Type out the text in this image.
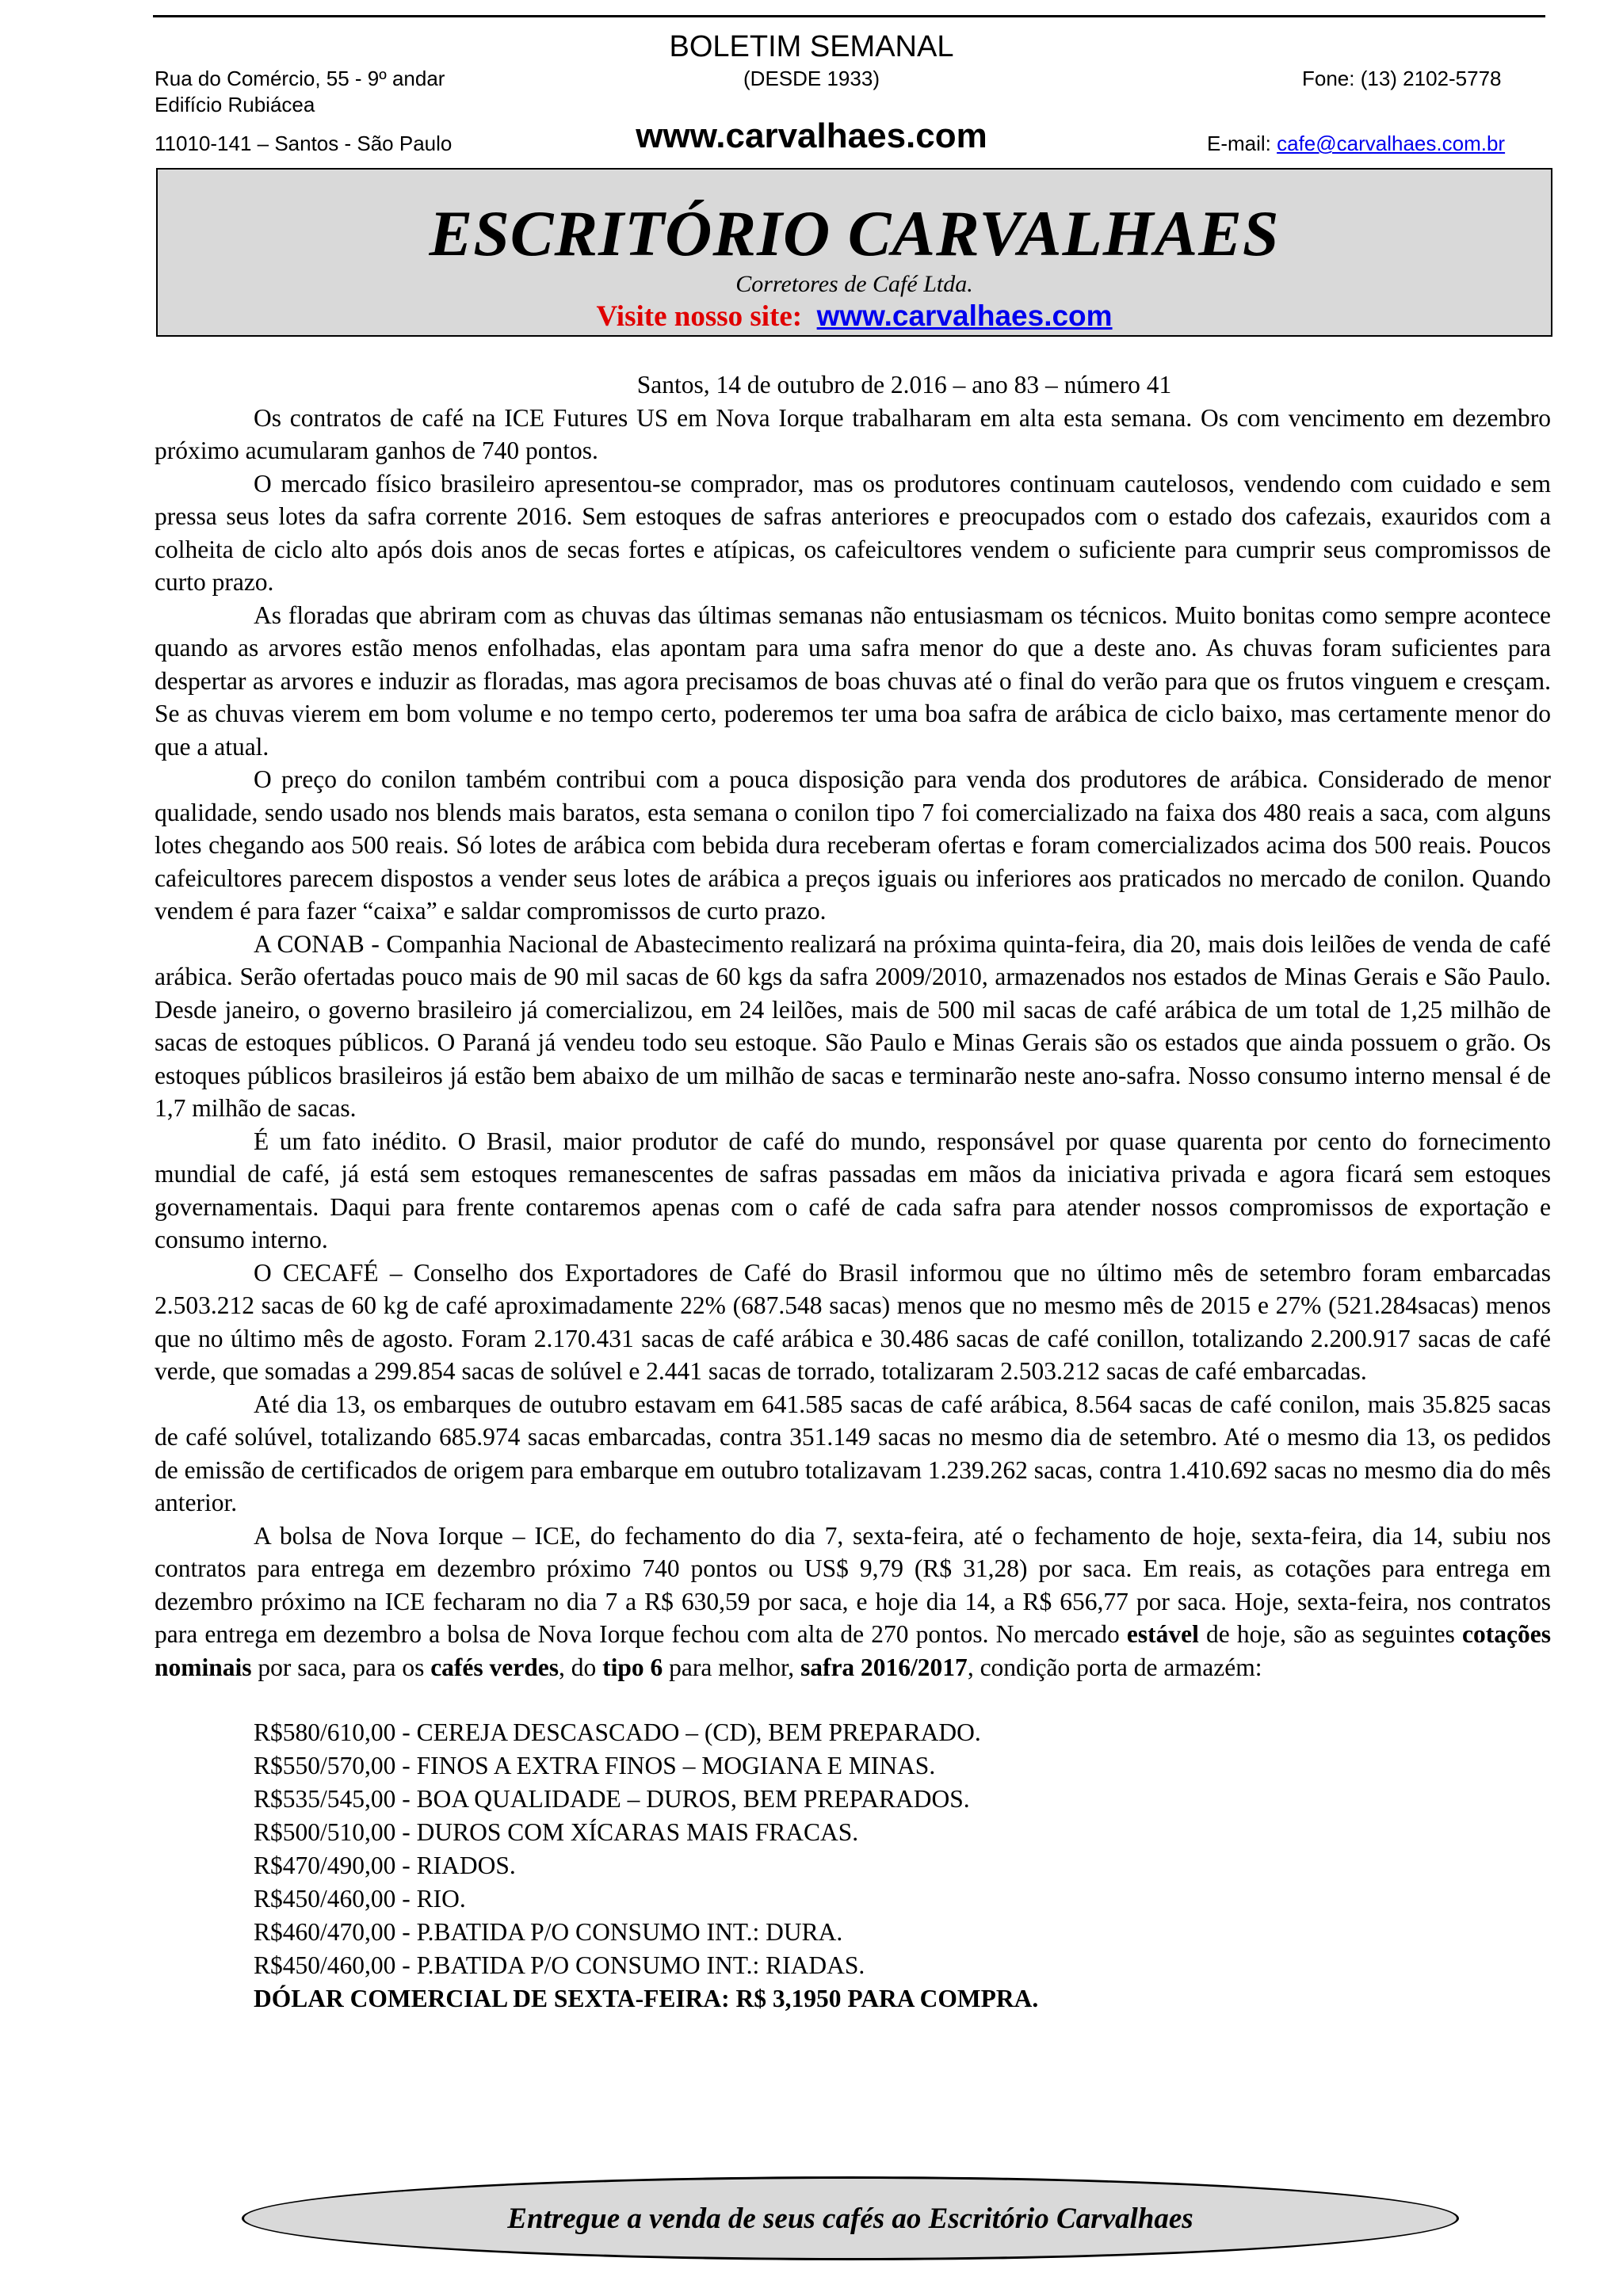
BOLETIM SEMANAL
(DESDE 1933)
Rua do Comércio, 55 - 9º andar	Fone: (13) 2102-5778
Edifício Rubiácea
www.carvalhaes.com
11010-141 – Santos - São Paulo	E-mail: cafe@carvalhaes.com.br
ESCRITÓRIO CARVALHAES
Corretores de Café Ltda.
Visite nosso site: www.carvalhaes.com

Santos, 14 de outubro de 2.016 – ano 83 – número 41

Os contratos de café na ICE Futures US em Nova Iorque trabalharam em alta esta semana. Os com vencimento em dezembro próximo acumularam ganhos de 740 pontos.

O mercado físico brasileiro apresentou-se comprador, mas os produtores continuam cautelosos, vendendo com cuidado e sem pressa seus lotes da safra corrente 2016. Sem estoques de safras anteriores e preocupados com o estado dos cafezais, exauridos com a colheita de ciclo alto após dois anos de secas fortes e atípicas, os cafeicultores vendem o suficiente para cumprir seus compromissos de curto prazo.

As floradas que abriram com as chuvas das últimas semanas não entusiasmam os técnicos. Muito bonitas como sempre acontece quando as arvores estão menos enfolhadas, elas apontam para uma safra menor do que a deste ano. As chuvas foram suficientes para despertar as arvores e induzir as floradas, mas agora precisamos de boas chuvas até o final do verão para que os frutos vinguem e cresçam. Se as chuvas vierem em bom volume e no tempo certo, poderemos ter uma boa safra de arábica de ciclo baixo, mas certamente menor do que a atual.

O preço do conilon também contribui com a pouca disposição para venda dos produtores de arábica. Considerado de menor qualidade, sendo usado nos blends mais baratos, esta semana o conilon tipo 7 foi comercializado na faixa dos 480 reais a saca, com alguns lotes chegando aos 500 reais. Só lotes de arábica com bebida dura receberam ofertas e foram comercializados acima dos 500 reais. Poucos cafeicultores parecem dispostos a vender seus lotes de arábica a preços iguais ou inferiores aos praticados no mercado de conilon. Quando vendem é para fazer “caixa” e saldar compromissos de curto prazo.

A CONAB - Companhia Nacional de Abastecimento realizará na próxima quinta-feira, dia 20, mais dois leilões de venda de café arábica. Serão ofertadas pouco mais de 90 mil sacas de 60 kgs da safra 2009/2010, armazenados nos estados de Minas Gerais e São Paulo. Desde janeiro, o governo brasileiro já comercializou, em 24 leilões, mais de 500 mil sacas de café arábica de um total de 1,25 milhão de sacas de estoques públicos. O Paraná já vendeu todo seu estoque. São Paulo e Minas Gerais são os estados que ainda possuem o grão. Os estoques públicos brasileiros já estão bem abaixo de um milhão de sacas e terminarão neste ano-safra. Nosso consumo interno mensal é de 1,7 milhão de sacas.

É um fato inédito. O Brasil, maior produtor de café do mundo, responsável por quase quarenta por cento do fornecimento mundial de café, já está sem estoques remanescentes de safras passadas em mãos da iniciativa privada e agora ficará sem estoques governamentais. Daqui para frente contaremos apenas com o café de cada safra para atender nossos compromissos de exportação e consumo interno.

O CECAFÉ – Conselho dos Exportadores de Café do Brasil informou que no último mês de setembro foram embarcadas 2.503.212 sacas de 60 kg de café aproximadamente 22% (687.548 sacas) menos que no mesmo mês de 2015 e 27% (521.284sacas) menos que no último mês de agosto. Foram 2.170.431 sacas de café arábica e 30.486 sacas de café conillon, totalizando 2.200.917 sacas de café verde, que somadas a 299.854 sacas de solúvel e 2.441 sacas de torrado, totalizaram 2.503.212 sacas de café embarcadas.

Até dia 13, os embarques de outubro estavam em 641.585 sacas de café arábica, 8.564 sacas de café conilon, mais 35.825 sacas de café solúvel, totalizando 685.974 sacas embarcadas, contra 351.149 sacas no mesmo dia de setembro. Até o mesmo dia 13, os pedidos de emissão de certificados de origem para embarque em outubro totalizavam 1.239.262 sacas, contra 1.410.692 sacas no mesmo dia do mês anterior.

A bolsa de Nova Iorque – ICE, do fechamento do dia 7, sexta-feira, até o fechamento de hoje, sexta-feira, dia 14, subiu nos contratos para entrega em dezembro próximo 740 pontos ou US$ 9,79 (R$ 31,28) por saca. Em reais, as cotações para entrega em dezembro próximo na ICE fecharam no dia 7 a R$ 630,59 por saca, e hoje dia 14, a R$ 656,77 por saca. Hoje, sexta-feira, nos contratos para entrega em dezembro a bolsa de Nova Iorque fechou com alta de 270 pontos. No mercado estável de hoje, são as seguintes cotações nominais por saca, para os cafés verdes, do tipo 6 para melhor, safra 2016/2017, condição porta de armazém:

R$580/610,00 - CEREJA DESCASCADO – (CD), BEM PREPARADO.
R$550/570,00 - FINOS A EXTRA FINOS – MOGIANA E MINAS.
R$535/545,00 - BOA QUALIDADE – DUROS, BEM PREPARADOS.
R$500/510,00 - DUROS COM XÍCARAS MAIS FRACAS.
R$470/490,00 - RIADOS.
R$450/460,00 - RIO.
R$460/470,00 - P.BATIDA P/O CONSUMO INT.: DURA.
R$450/460,00 - P.BATIDA P/O CONSUMO INT.: RIADAS.
DÓLAR COMERCIAL DE SEXTA-FEIRA: R$ 3,1950 PARA COMPRA.
Entregue a venda de seus cafés ao Escritório Carvalhaes
